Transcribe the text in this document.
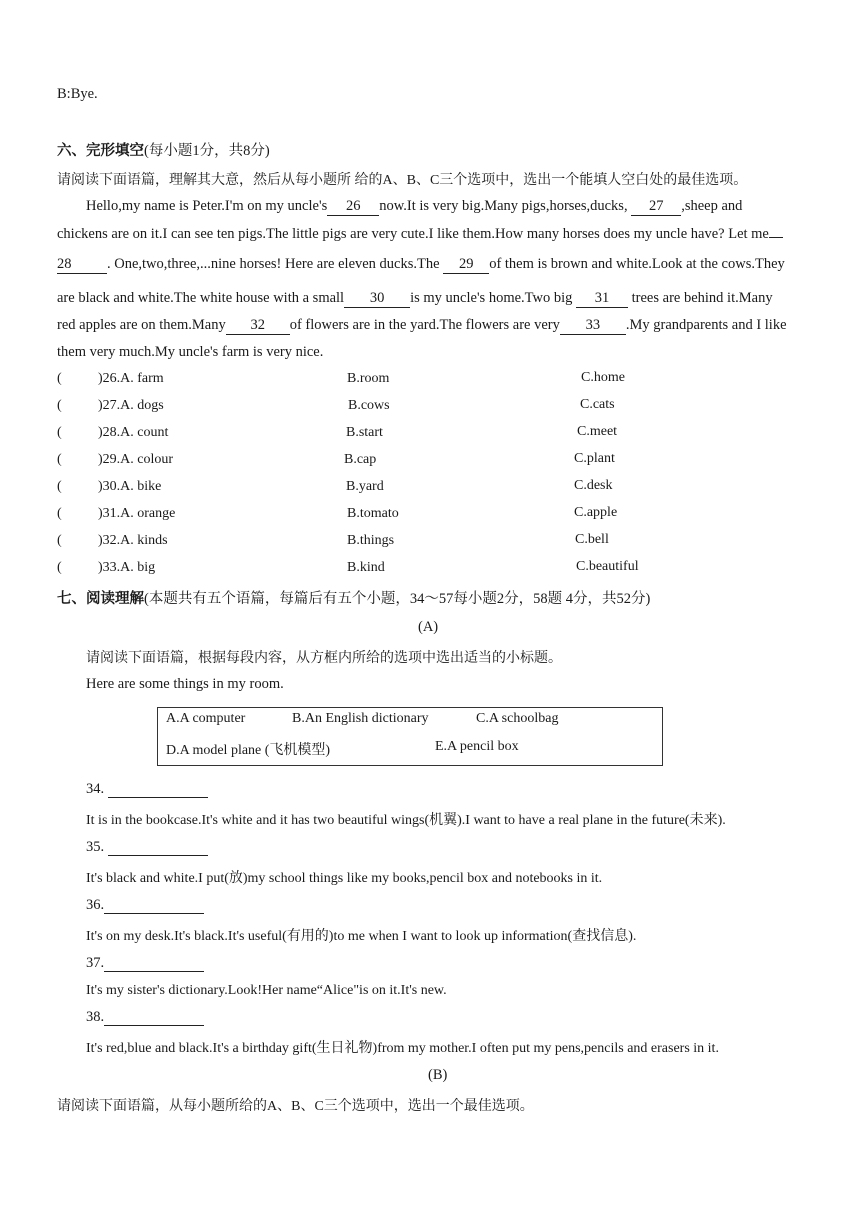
B:Bye.
六、完形填空(每小题1分，共8分)
请阅读下面语篇，理解其大意，然后从每小题所 给的A、B、C三个选项中，选出一个能填人空白处的最佳选项。
Hello,my name is Peter.I'm on my uncle's 26 now.It is very big.Many pigs,horses,ducks, 27 ,sheep and
chickens are on it.I can see ten pigs.The little pigs are very cute.I like them.How many horses does my uncle have? Let me
28 . One,two,three,...nine horses! Here are eleven ducks.The 29 of them is brown and white.Look at the cows.They
are black and white.The white house with a small 30 is my uncle's home.Two big 31 trees are behind it.Many
red apples are on them.Many 32 of flowers are in the yard.The flowers are very 33 .My grandparents and I like
them very much.My uncle's farm is very nice.
(	)26.A. farm	B.room	C.home
(	)27.A. dogs	B.cows	C.cats
(	)28.A. count	B.start	C.meet
(	)29.A. colour	B.cap	C.plant
(	)30.A. bike	B.yard	C.desk
(	)31.A. orange	B.tomato	C.apple
(	)32.A. kinds	B.things	C.bell
(	)33.A. big	B.kind	C.beautiful
七、阅读理解(本题共有五个语篇，每篇后有五个小题，34～57每小题2分，58题 4分，共52分)
(A)
请阅读下面语篇，根据每段内容，从方框内所给的选项中选出适当的小标题。
Here are some things in my room.
A.A computer	B.An English dictionary	C.A schoolbag
D.A model plane (飞机模型)	E.A pencil box
34.
It is in the bookcase.It's white and it has two beautiful wings(机翼).I want to have a real plane in the future(未来).
35.
It's black and white.I put(放)my school things like my books,pencil box and notebooks in it.
36.
It's on my desk.It's black.It's useful(有用的)to me when I want to look up information(查找信息).
37.
It's my sister's dictionary.Look!Her name“Alice"is on it.It's new.
38.
It's red,blue and black.It's a birthday gift(生日礼物)from my mother.I often put my pens,pencils and erasers in it.
(B)
请阅读下面语篇，从每小题所给的A、B、C三个选项中，选出一个最佳选项。
